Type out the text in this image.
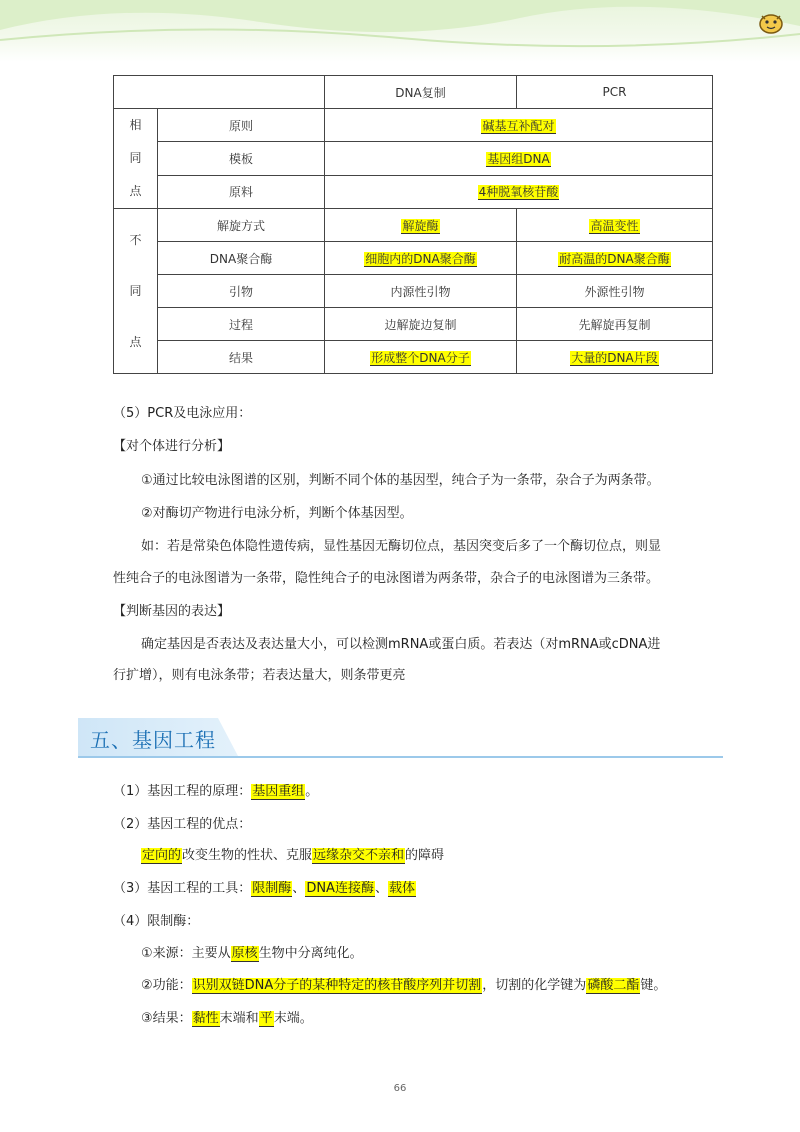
		DNA复制	PCR

相
同
点	原则	碱基互补配对	
	模板	基因组DNA	
	原料	4种脱氧核苷酸	

不
同
点	解旋方式	解旋酶	高温变性
	DNA聚合酶	细胞内的DNA聚合酶	耐高温的DNA聚合酶
	引物	内源性引物	外源性引物
	过程	边解旋边复制	先解旋再复制
	结果	形成整个DNA分子	大量的DNA片段
（5）PCR及电泳应用：
【对个体进行分析】
①通过比较电泳图谱的区别，判断不同个体的基因型，纯合子为一条带，杂合子为两条带。
②对酶切产物进行电泳分析，判断个体基因型。
如：若是常染色体隐性遗传病，显性基因无酶切位点，基因突变后多了一个酶切位点，则显
性纯合子的电泳图谱为一条带，隐性纯合子的电泳图谱为两条带，杂合子的电泳图谱为三条带。
【判断基因的表达】
确定基因是否表达及表达量大小，可以检测mRNA或蛋白质。若表达（对mRNA或cDNA进
行扩增），则有电泳条带；若表达量大，则条带更亮
五、基因工程
（1）基因工程的原理：基因重组。
（2）基因工程的优点：
定向的改变生物的性状、克服远缘杂交不亲和的障碍
（3）基因工程的工具：限制酶、DNA连接酶、载体
（4）限制酶：
①来源：主要从原核生物中分离纯化。
②功能：识别双链DNA分子的某种特定的核苷酸序列并切割，切割的化学键为磷酸二酯键。
③结果：黏性末端和平末端。
66
